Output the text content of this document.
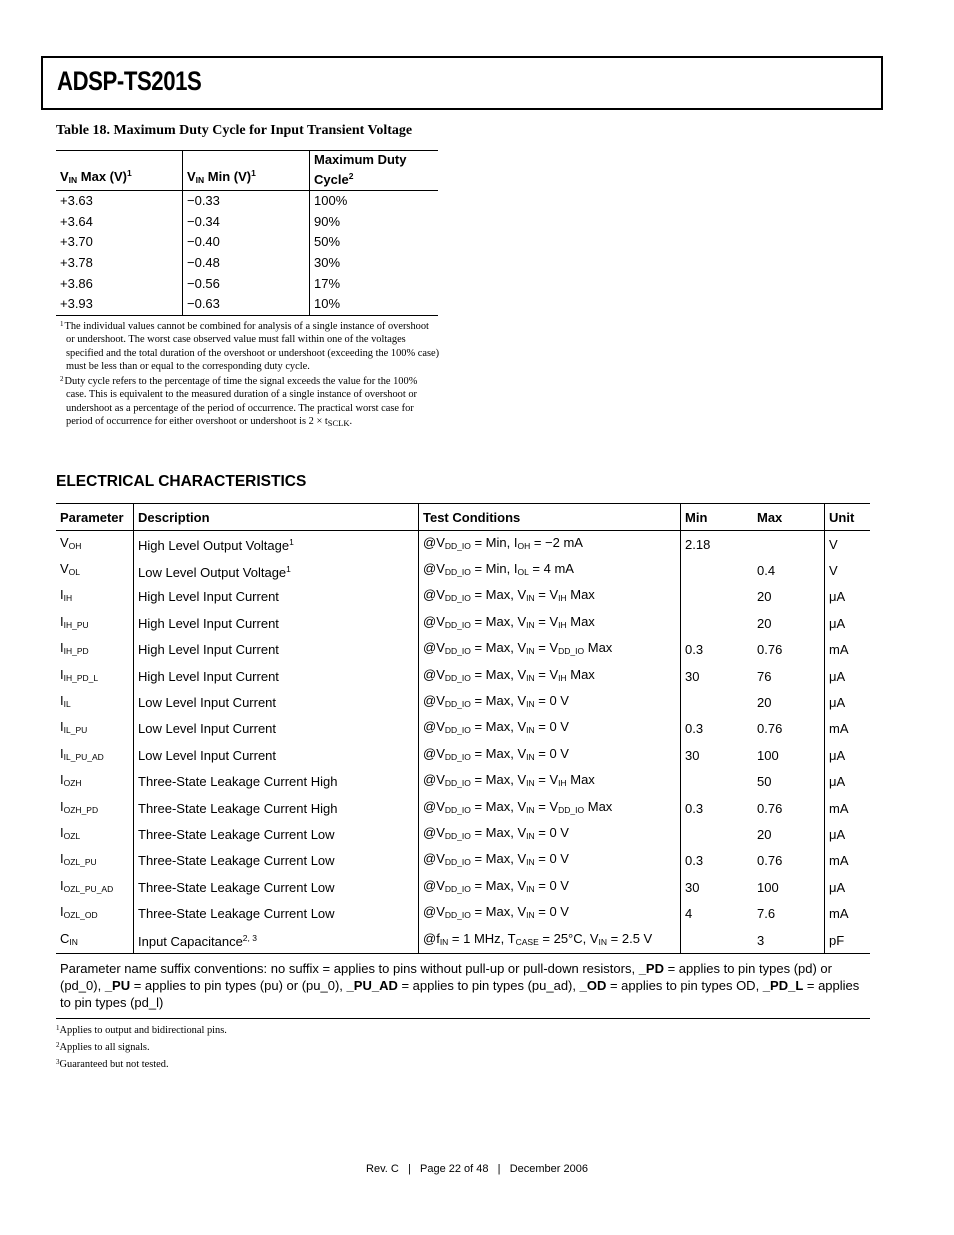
ADSP-TS201S
Table 18. Maximum Duty Cycle for Input Transient Voltage
$V_{IN}$ Max $(V)^1$	$V_{IN}$ Min $(V)^1$	Maximum Duty
Cycle$^2$
+3.63	−0.33	100%
+3.64	−0.34	90%
+3.70	−0.40	50%
+3.78	−0.48	30%
+3.86	−0.56	17%
+3.93	−0.63	10%

$^1$The individual values cannot be combined for analysis of a single instance of overshoot or undershoot. The worst case observed value must fall within one of the voltages specified and the total duration of the overshoot or undershoot (exceeding the 100% case) must be less than or equal to the corresponding duty cycle.

$^2$Duty cycle refers to the percentage of time the signal exceeds the value for the 100% case. This is equivalent to the measured duration of a single instance of overshoot or undershoot as a percentage of the period of occurrence. The practical worst case for period of occurrence for either overshoot or undershoot is $2 \times t_{SCLK}$.

ELECTRICAL CHARACTERISTICS
Parameter	Description	Test Conditions	Min	Max	Unit
$V_{OH}$	High Level Output Voltage$^1$	$@V_{DD\_IO}$ = Min, $I_{OH} = -2$ mA	2.18		V
$V_{OL}$	Low Level Output Voltage$^1$	$@V_{DD\_IO}$ = Min, $I_{OL} = 4$ mA		0.4	V
$I_{IH}$	High Level Input Current	$@V_{DD\_IO}$ = Max, $V_{IN} = V_{IH}$ Max		20	μA
$I_{IH\_PU}$	High Level Input Current	$@V_{DD\_IO}$ = Max, $V_{IN} = V_{IH}$ Max		20	μA
$I_{IH\_PD}$	High Level Input Current	$@V_{DD\_IO}$ = Max, $V_{IN} = V_{DD\_IO}$ Max	0.3	0.76	mA
$I_{IH\_PD\_L}$	High Level Input Current	$@V_{DD\_IO}$ = Max, $V_{IN} = V_{IH}$ Max	30	76	μA
$I_{IL}$	Low Level Input Current	$@V_{DD\_IO}$ = Max, $V_{IN} = 0$ V		20	μA
$I_{IL\_PU}$	Low Level Input Current	$@V_{DD\_IO}$ = Max, $V_{IN} = 0$ V	0.3	0.76	mA
$I_{IL\_PU\_AD}$	Low Level Input Current	$@V_{DD\_IO}$ = Max, $V_{IN} = 0$ V	30	100	μA
$I_{OZH}$	Three-State Leakage Current High	$@V_{DD\_IO}$ = Max, $V_{IN} = V_{IH}$ Max		50	μA
$I_{OZH\_PD}$	Three-State Leakage Current High	$@V_{DD\_IO}$ = Max, $V_{IN} = V_{DD\_IO}$ Max	0.3	0.76	mA
$I_{OZL}$	Three-State Leakage Current Low	$@V_{DD\_IO}$ = Max, $V_{IN} = 0$ V		20	μA
$I_{OZL\_PU}$	Three-State Leakage Current Low	$@V_{DD\_IO}$ = Max, $V_{IN} = 0$ V	0.3	0.76	mA
$I_{OZL\_PU\_AD}$	Three-State Leakage Current Low	$@V_{DD\_IO}$ = Max, $V_{IN} = 0$ V	30	100	μA
$I_{OZL\_OD}$	Three-State Leakage Current Low	$@V_{DD\_IO}$ = Max, $V_{IN} = 0$ V	4	7.6	mA
$C_{IN}$	Input Capacitance$^{2, 3}$	$@f_{IN} = 1$ MHz, $T_{CASE} = 25^\circ C$, $V_{IN} = 2.5$ V		3	pF
Parameter name suffix conventions: no suffix = applies to pins without pull-up or pull-down resistors, _PD = applies to pin types (pd) or (pd_0), _PU = applies to pin types (pu) or (pu_0), _PU_AD = applies to pin types (pu_ad), _OD = applies to pin types OD, _PD_L = applies to pin types (pd_l)					
$^1$Applies to output and bidirectional pins.
$^2$Applies to all signals.
$^3$Guaranteed but not tested.
Rev. C   |   Page 22 of 48   |   December 2006
